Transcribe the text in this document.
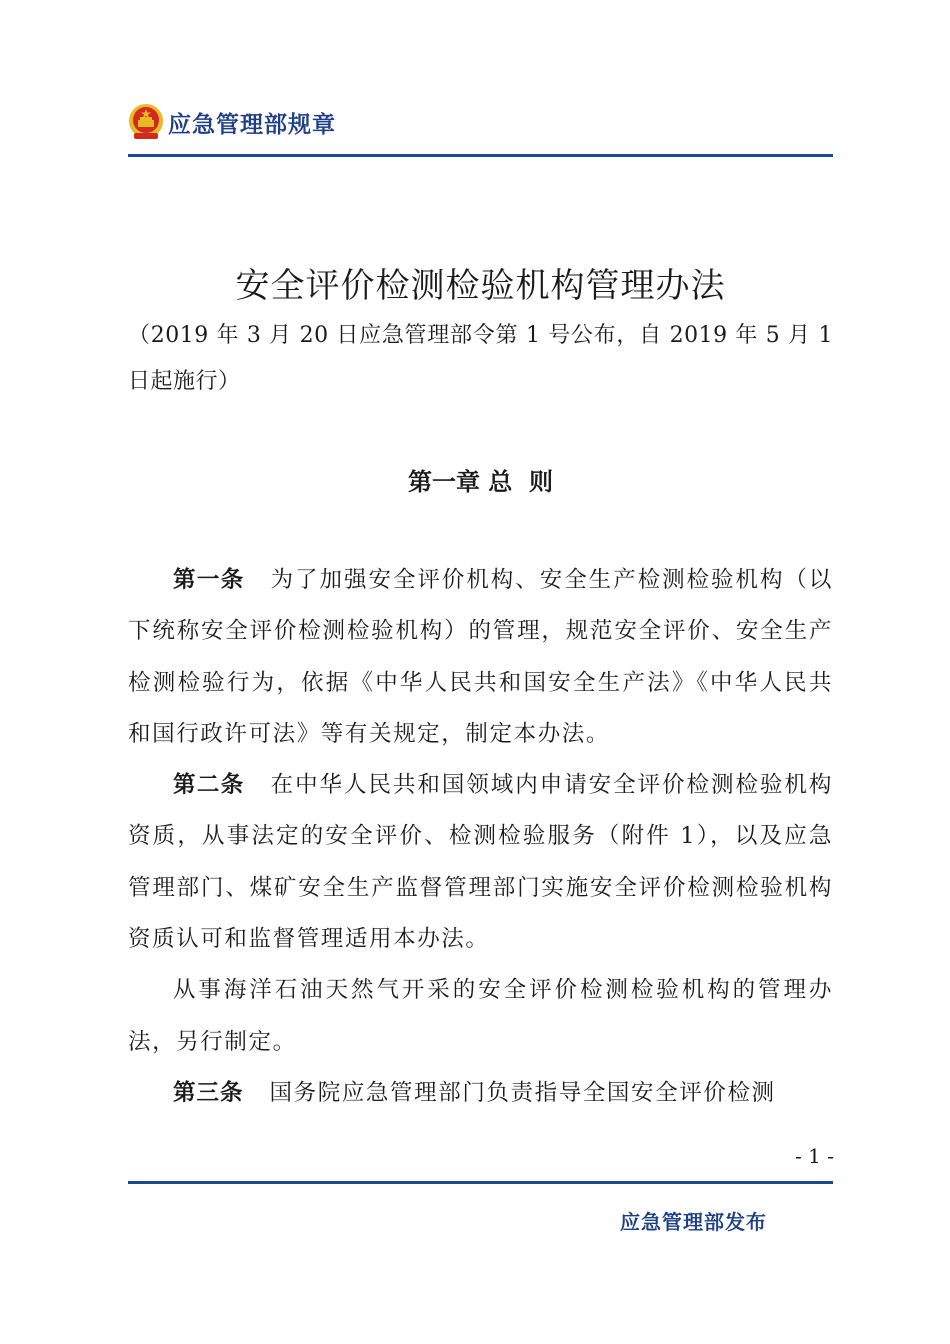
应急管理部规章
安全评价检测检验机构管理办法
（2019 年 3 月 20 日应急管理部令第 1 号公布，自 2019 年 5 月 1 日起施行）
第一章 总  则

第一条 为了加强安全评价机构、安全生产检测检验机构（以下统称安全评价检测检验机构）的管理，规范安全评价、安全生产检测检验行为，依据《中华人民共和国安全生产法》《中华人民共和国行政许可法》等有关规定，制定本办法。

第二条 在中华人民共和国领域内申请安全评价检测检验机构资质，从事法定的安全评价、检测检验服务（附件 1），以及应急管理部门、煤矿安全生产监督管理部门实施安全评价检测检验机构资质认可和监督管理适用本办法。

从事海洋石油天然气开采的安全评价检测检验机构的管理办法，另行制定。

第三条 国务院应急管理部门负责指导全国安全评价检测

- 1 -
应急管理部发布
